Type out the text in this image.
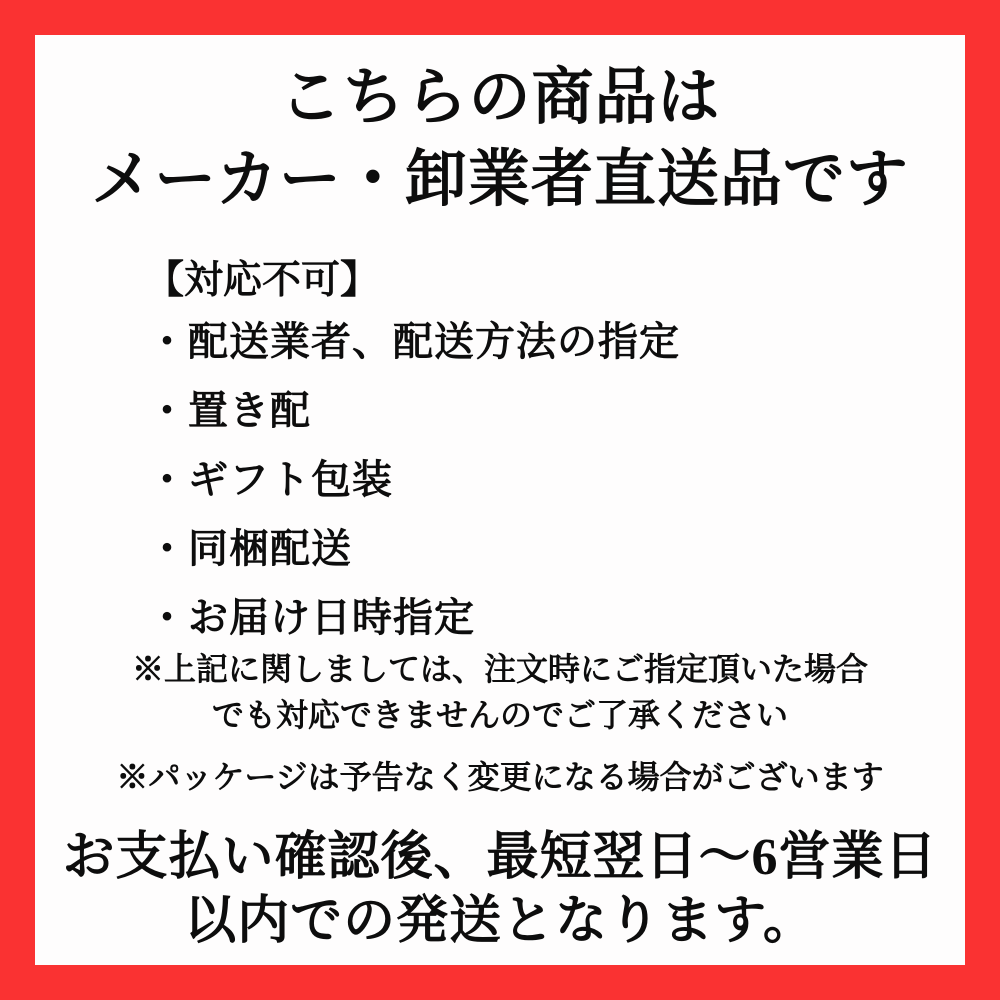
こちらの商品は
メーカー・卸業者直送品です
【対応不可】
・ 配送業者、配送方法の指定
・ 置き配
・ ギフト包装
・ 同梱配送
・ お届け日時指定

※上記に関しましては、注文時にご指定頂いた場合
でも対応できませんのでご了承ください

※パッケージは予告なく変更になる場合がございます

お支払い確認後、最短翌日〜6営業日
以内での発送となります。
